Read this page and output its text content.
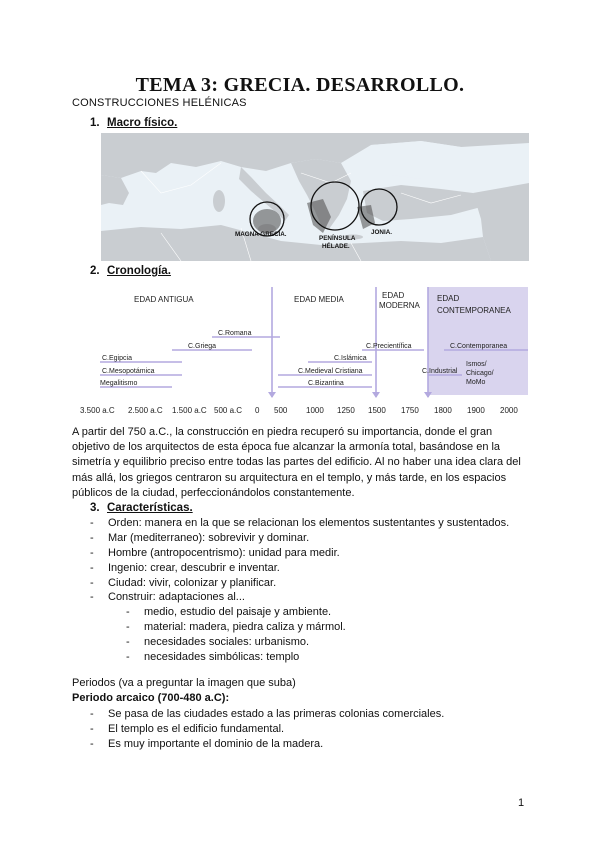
TEMA 3: GRECIA. DESARROLLO.
CONSTRUCCIONES HELÉNICAS
1. Macro físico.
MAGNA GRECIA.
PENÍNSULA
HÉLADE.
JONIA.
2. Cronología.
EDAD ANTIGUA	EDAD MEDIA	EDAD
MODERNA
EDAD
CONTEMPORANEA
C.Romana
C.Griega
C.Egipcia
C.Mesopotámica
Megalitismo
C.Precientífica
C.Islámica
C.Medieval Cristiana
C.Bizantina
C.Contemporanea
C.Industrial
Ismos/
Chicago/
MoMo
3.500 a.C 2.500 a.C 1.500 a.C 500 a.C 0 500 1000 1250 1500 1750 1800 1900 2000
A partir del 750 a.C., la construcción en piedra recuperó su importancia, donde el gran objetivo de los arquitectos de esta época fue alcanzar la armonía total, basándose en la simetría y equilibrio preciso entre todas las partes del edificio. Al no haber una idea clara del más allá, los griegos centraron su arquitectura en el templo, y más tarde, en los espacios públicos de la ciudad, perfeccionándolos constantemente.
3. Características.
- Orden: manera en la que se relacionan los elementos sustentantes y sustentados.
- Mar (mediterraneo): sobrevivir y dominar.
- Hombre (antropocentrismo): unidad para medir.
- Ingenio: crear, descubrir e inventar.
- Ciudad: vivir, colonizar y planificar.
- Construir: adaptaciones al...
- medio, estudio del paisaje y ambiente.
- material: madera, piedra caliza y mármol.
- necesidades sociales: urbanismo.
- necesidades simbólicas: templo
Periodos (va a preguntar la imagen que suba)
Periodo arcaico (700-480 a.C):
- Se pasa de las ciudades estado a las primeras colonias comerciales.
- El templo es el edificio fundamental.
- Es muy importante el dominio de la madera.
1
